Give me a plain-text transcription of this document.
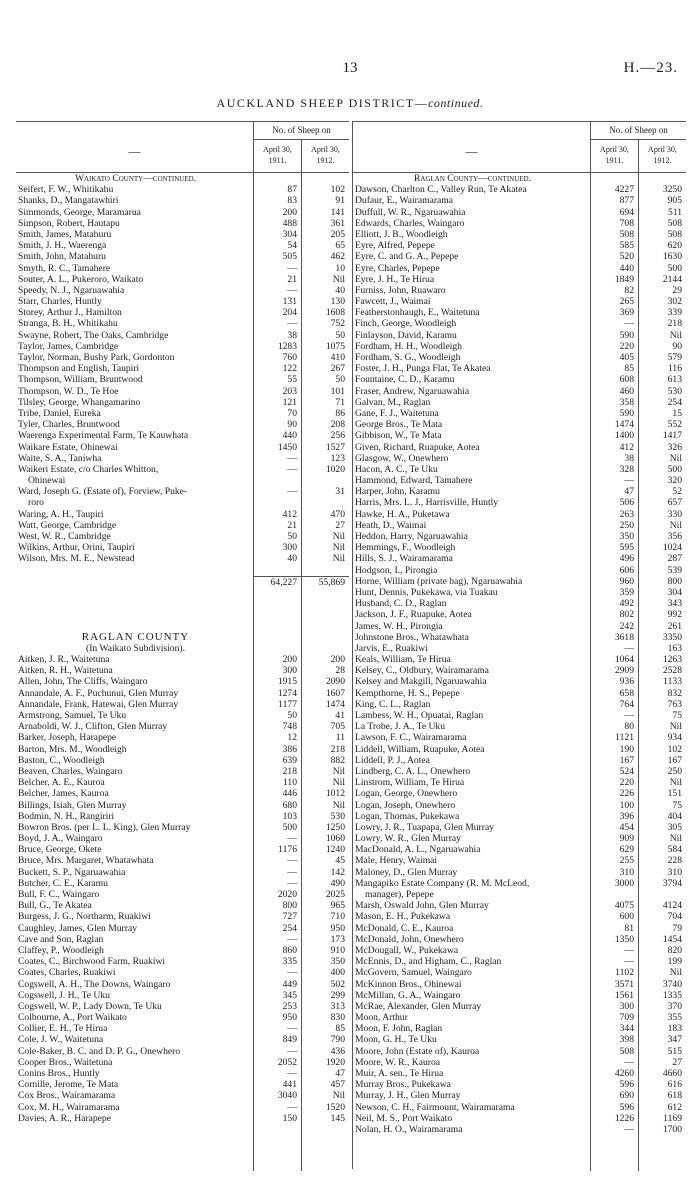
13	H.—23.
AUCKLAND SHEEP DISTRICT—continued.
—
No. of Sheep on
April 30, 1911.
April 30, 1912.
Waikato County—continued.
Seifert, F. W., Whitikahu	87	102
Shanks, D., Mangatawhiri	83	91
Simmonds, George, Maramarua	200	141
Simpson, Robert, Hautapu	488	361
Smith, James, Matahuru	304	205
Smith, J. H., Waerenga	54	65
Smith, John, Matahuru	505	462
Smyth, R. C., Tamahere	—	10
Souter, A. L., Pukeroro, Waikato	21	Nil
Speedy, N. J., Ngaruawahia	—	40
Starr, Charles, Huntly	131	130
Storey, Arthur J., Hamilton	204	1608
Stranga, B. H., Whitikahu	—	752
Swayne, Robert, The Oaks, Cambridge	38	50
Taylor, James, Cambridge	1283	1075
Taylor, Norman, Bushy Park, Gordonton	760	410
Thompson and English, Taupiri	122	267
Thompson, William, Bruntwood	55	50
Thompson, W. D., Te Hoe	203	101
Tilsley, George, Whangamarino	121	71
Tribe, Daniel, Eureka	70	86
Tyler, Charles, Bruntwood	90	208
Waerenga Experimental Farm, Te Kauwhata	440	256
Waikare Estate, Ohinewai	1450	1527
Waite, S. A., Taniwha	—	123
Waikeri Estate, c/o Charles Whitton,	—	1020
Ohinewai
Ward, Joseph G. (Estate of), Forview, Puke-	—	31
roro
Waring, A. H., Taupiri	412	470
Watt, George, Cambridge	21	27
West, W. R., Cambridge	50	Nil
Wilkins, Arthur, Orini, Taupiri	300	Nil
Wilson, Mrs. M. E., Newstead	40	Nil
64,227	55,869
RAGLAN COUNTY
(In Waikato Subdivision).
Aitken, J. R., Waitetuna	200	200
Aitken, R. H., Waitetuna	300	28
Allen, John, The Cliffs, Waingaro	1915	2090
Annandale, A. F., Puchunui, Glen Murray	1274	1607
Annandale, Frank, Hatewai, Glen Murray	1177	1474
Armstrong, Samuel, Te Uku	50	41
Arnaboldi, W. J., Clifton, Glen Murray	748	705
Barker, Joseph, Harapepe	12	11
Barton, Mrs. M., Woodleigh	386	218
Baston, C., Woodleigh	639	882
Beaven, Charles, Waingaro	218	Nil
Belcher, A. E., Kauroa	110	Nil
Belcher, James, Kauroa	446	1012
Billings, Isiah, Glen Murray	680	Nil
Bodmin, N. H., Rangiriri	103	530
Bowron Bros. (per L. L. King), Glen Murray	500	1250
Boyd, J. A., Waingaro	—	1060
Bruce, George, Okete	1176	1240
Bruce, Mrs. Margaret, Whatawhata	—	45
Buckett, S. P., Ngaruawahia	—	142
Butcher, C. E., Karamu	—	490
Bull, F. C., Waingaro	2020	2025
Bull, G., Te Akatea	800	965
Burgess, J. G., Northarm, Ruakiwi	727	710
Caughley, James, Glen Murray	254	950
Cave and Son, Raglan	—	173
Claffey, P., Woodleigh	860	910
Coates, C., Birchwood Farm, Ruakiwi	335	350
Coates, Charles, Ruakiwi	—	400
Cogswell, A. H., The Downs, Waingaro	449	502
Cogswell, J. H., Te Uku	345	299
Cogswell, W. P., Lady Down, Te Uku	253	313
Colbourne, A., Port Waikato	950	830
Collier, E. H., Te Hirua	—	85
Cole, J. W., Waitetuna	849	790
Cole-Baker, B. C. and D. P. G., Onewhero	—	436
Cooper Bros., Waitetuna	2052	1920
Conins Bros., Huntly	—	47
Cornille, Jerome, Te Mata	441	457
Cox Bros., Wairamarama	3040	Nil
Cox, M. H., Wairamarama	—	1520
Davies, A. R., Harapepe	150	145
—
No. of Sheep on
April 30, 1911.
April 30, 1912.
Raglan County—continued.
Dawson, Charlton C., Valley Run, Te Akatea	4227	3250
Dufaur, E., Wairamarama	877	905
Duffull, W. R., Ngaruawahia	694	511
Edwards, Charles, Waingaro	708	508
Elliott, J. B., Woodleigh	508	508
Eyre, Alfred, Pepepe	585	620
Eyre, C. and G. A., Pepepe	520	1630
Eyre, Charles, Pepepe	440	500
Eyre, J. H., Te Hirua	1849	2144
Furniss, John, Ruawaro	82	29
Fawcett, J., Waimai	265	302
Featherstonhaugh, E., Waitetuna	369	339
Finch, George, Woodleigh	—	218
Finlayson, David, Karamu	590	Nil
Fordham, H. H., Woodleigh	220	90
Fordham, S. G., Woodleigh	405	579
Foster, J. H., Punga Flat, Te Akatea	85	116
Fountaine, C. D., Karamu	608	613
Fraser, Andrew, Ngaruawahia	460	530
Galvan, M., Raglan	358	254
Gane, F. J., Waitetuna	590	15
George Bros., Te Mata	1474	552
Gibbison, W., Te Mata	1400	1417
Given, Richard, Ruapuke, Aotea	412	326
Glasgow, W., Onewhero	38	Nil
Hacon, A. C., Te Uku	328	500
Hammond, Edward, Tamahere	—	320
Harper, John, Karamu	47	52
Harris, Mrs. L. J., Harrisville, Huntly	506	657
Hawke, H. A., Puketawa	263	330
Heath, D., Waimai	250	Nil
Heddon, Harry, Ngaruawahia	350	356
Hemmings, F., Woodleigh	595	1024
Hills, S. J., Wairamarama	496	287
Hodgson, I., Pirongia	606	539
Horne, William (private bag), Ngaruawahia	960	800
Hunt, Dennis, Pukekawa, via Tuakau	359	304
Husband, C. D., Raglan	492	343
Jackson, J. F., Ruapuke, Aotea	802	992
James, W. H., Pirongia	242	261
Johnstone Bros., Whatawhata	3618	3350
Jarvis, E., Ruakiwi	—	163
Keals, William, Te Hirua	1064	1263
Kelsey, C., Oldbury, Wairamarama	2909	2528
Kelsey and Makgill, Ngaruawahia	936	1133
Kempthorne, H. S., Pepepe	658	832
King, C. L., Raglan	764	763
Lambess, W. H., Opuatai, Raglan	—	75
La Trobe, J. A., Te Uku	80	Nil
Lawson, F. C., Wairamarama	1121	934
Liddell, William, Ruapuke, Aotea	190	102
Liddell, P. J., Aotea	167	167
Lindberg, C. A. L., Onewhero	524	250
Linstrom, William, Te Hirua	220	Nil
Logan, George, Onewhero	226	151
Logan, Joseph, Onewhero	100	75
Logan, Thomas, Pukekawa	396	404
Lowry, J. R., Tuapapa, Glen Murray	454	305
Lowry, W. R., Glen Murray	909	Nil
MacDonald, A. L., Ngaruawahia	629	584
Male, Henry, Waimai	255	228
Maloney, D., Glen Murray	310	310
Mangapiko Estate Company (R. M. McLeod,	3000	3794
manager), Pepepe
Marsh, Oswald John, Glen Murray	4075	4124
Mason, E. H., Pukekawa	600	704
McDonald, C. E., Kauroa	81	79
McDonald, John, Onewhero	1350	1454
McDougall, W., Pukekawa	—	820
McEnnis, D., and Higham, C., Raglan	—	199
McGovern, Samuel, Waingaro	1102	Nil
McKinnon Bros., Ohinewai	3571	3740
McMillan, G. A., Waingaro	1561	1335
McRae, Alexander, Glen Murray	300	370
Moon, Arthur	709	355
Moon, F. John, Raglan	344	183
Moon, G. H., Te Uku	398	347
Moore, John (Estate of), Kauroa	508	515
Moore, W. R., Kauroa	—	27
Muir, A. sen., Te Hirua	4260	4660
Murray Bros., Pukekawa	596	616
Murray, J. H., Glen Murray	690	618
Newson, C. H., Fairmount, Wairamarama	596	612
Neil, M. S., Port Waikato	1226	1169
Nolan, H. O., Wairamarama	—	1700
